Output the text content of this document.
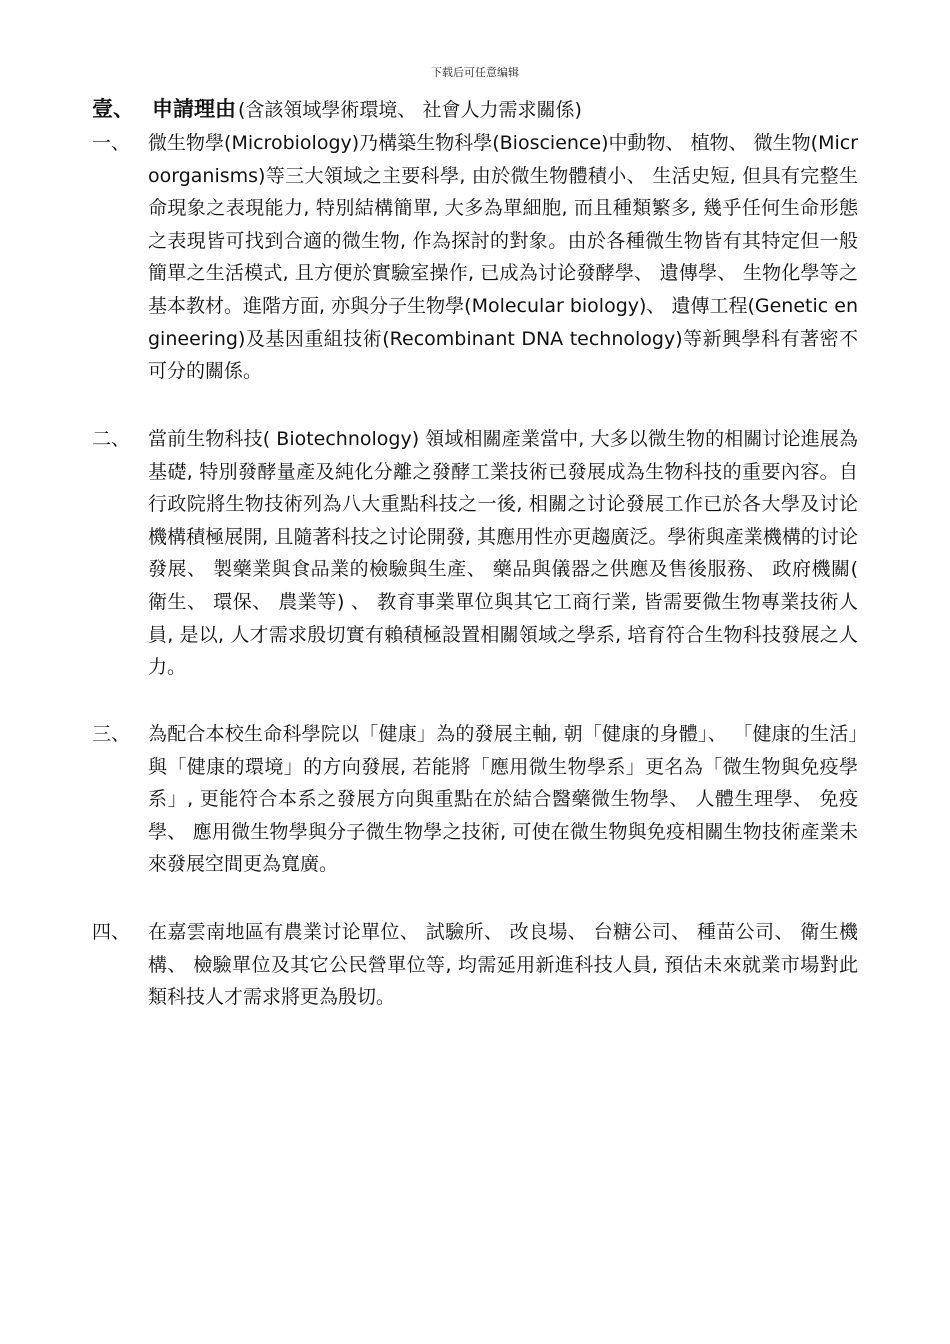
下载后可任意编辑
壹、 申請理由 (含該領域學術環境、 社會人力需求關係)
一、 微生物學(Microbiology)乃構築生物科學(Bioscience)中動物、 植物、 微生物(Microorganisms)等三大領域之主要科學, 由於微生物體積小、 生活史短, 但具有完整生命現象之表現能力, 特別結構簡單, 大多為單細胞, 而且種類繁多, 幾乎任何生命形態之表現皆可找到合適的微生物, 作為探討的對象。由於各種微生物皆有其特定但一般簡單之生活模式, 且方便於實驗室操作, 已成為讨论發酵學、 遺傳學、 生物化學等之基本教材。進階方面, 亦與分子生物學(Molecular biology)、 遺傳工程(Genetic engineering)及基因重組技術(Recombinant DNA technology)等新興學科有著密不可分的關係。
二、 當前生物科技( Biotechnology) 領域相關產業當中, 大多以微生物的相關讨论進展為基礎, 特別發酵量產及純化分離之發酵工業技術已發展成為生物科技的重要內容。自行政院將生物技術列為八大重點科技之一後, 相關之讨论發展工作已於各大學及讨论機構積極展開, 且隨著科技之讨论開發, 其應用性亦更趨廣泛。學術與產業機構的讨论發展、 製藥業與食品業的檢驗與生產、 藥品與儀器之供應及售後服務、 政府機關( 衛生、 環保、 農業等) 、 教育事業單位與其它工商行業, 皆需要微生物專業技術人員, 是以, 人才需求殷切實有賴積極設置相關領域之學系, 培育符合生物科技發展之人力。
三、 為配合本校生命科學院以「健康」為的發展主軸, 朝「健康的身體」、 「健康的生活」與「健康的環境」的方向發展, 若能將「應用微生物學系」更名為「微生物與免疫學系」, 更能符合本系之發展方向與重點在於結合醫藥微生物學、 人體生理學、 免疫學、 應用微生物學與分子微生物學之技術, 可使在微生物與免疫相關生物技術產業未來發展空間更為寬廣。
四、 在嘉雲南地區有農業讨论單位、 試驗所、 改良場、 台糖公司、 種苗公司、 衛生機構、 檢驗單位及其它公民營單位等, 均需延用新進科技人員, 預估未來就業市場對此類科技人才需求將更為殷切。
